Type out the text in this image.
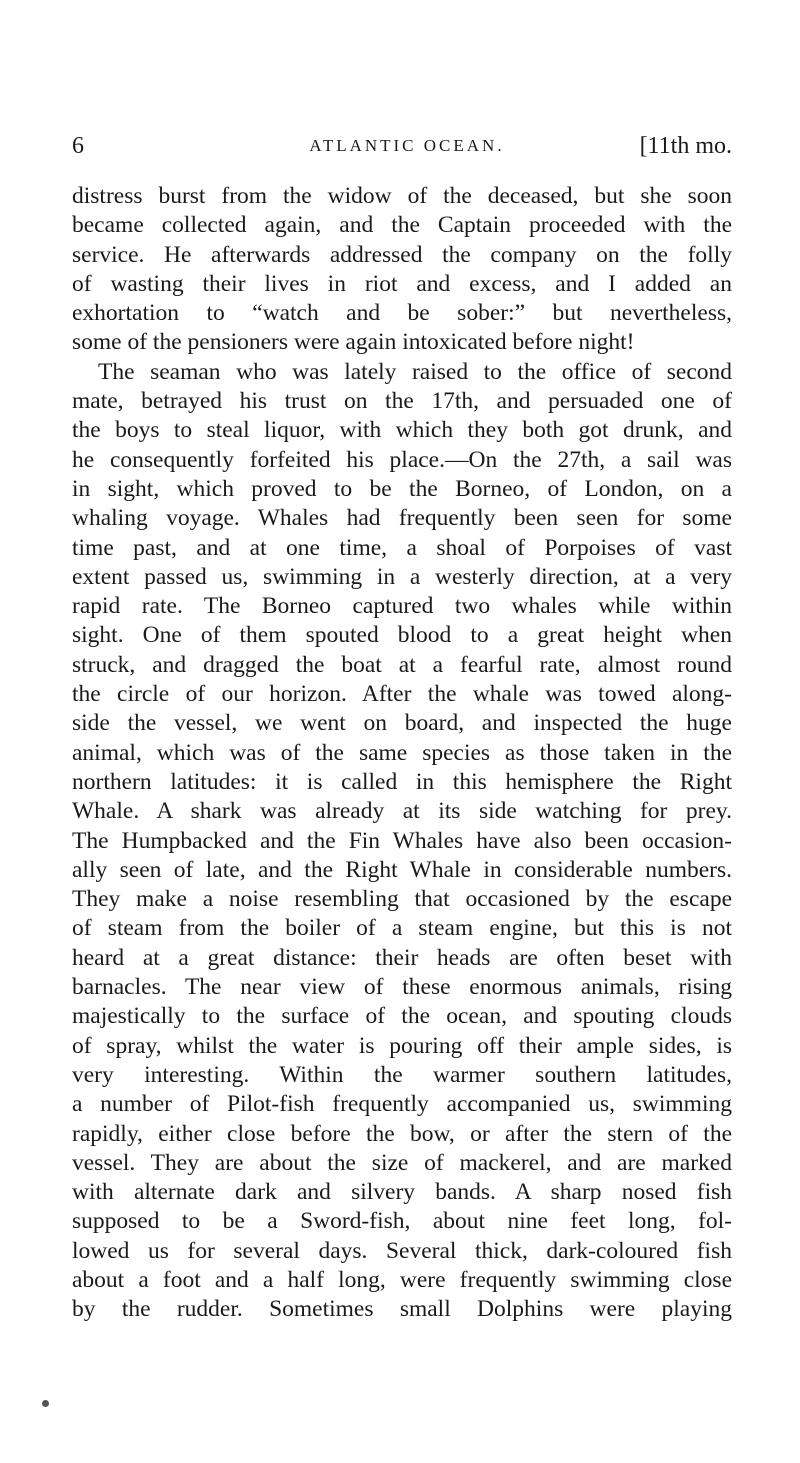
6	ATLANTIC OCEAN.	[11th mo.
distress burst from the widow of the deceased, but she soon
became collected again, and the Captain proceeded with the
service. He afterwards addressed the company on the folly
of wasting their lives in riot and excess, and I added an
exhortation to “watch and be sober:” but nevertheless,
some of the pensioners were again intoxicated before night!
The seaman who was lately raised to the office of second
mate, betrayed his trust on the 17th, and persuaded one of
the boys to steal liquor, with which they both got drunk, and
he consequently forfeited his place.—On the 27th, a sail was
in sight, which proved to be the Borneo, of London, on a
whaling voyage. Whales had frequently been seen for some
time past, and at one time, a shoal of Porpoises of vast
extent passed us, swimming in a westerly direction, at a very
rapid rate. The Borneo captured two whales while within
sight. One of them spouted blood to a great height when
struck, and dragged the boat at a fearful rate, almost round
the circle of our horizon. After the whale was towed along-
side the vessel, we went on board, and inspected the huge
animal, which was of the same species as those taken in the
northern latitudes: it is called in this hemisphere the Right
Whale. A shark was already at its side watching for prey.
The Humpbacked and the Fin Whales have also been occasion-
ally seen of late, and the Right Whale in considerable numbers.
They make a noise resembling that occasioned by the escape
of steam from the boiler of a steam engine, but this is not
heard at a great distance: their heads are often beset with
barnacles. The near view of these enormous animals, rising
majestically to the surface of the ocean, and spouting clouds
of spray, whilst the water is pouring off their ample sides, is
very interesting. Within the warmer southern latitudes,
a number of Pilot-fish frequently accompanied us, swimming
rapidly, either close before the bow, or after the stern of the
vessel. They are about the size of mackerel, and are marked
with alternate dark and silvery bands. A sharp nosed fish
supposed to be a Sword-fish, about nine feet long, fol-
lowed us for several days. Several thick, dark-coloured fish
about a foot and a half long, were frequently swimming close
by the rudder. Sometimes small Dolphins were playing
